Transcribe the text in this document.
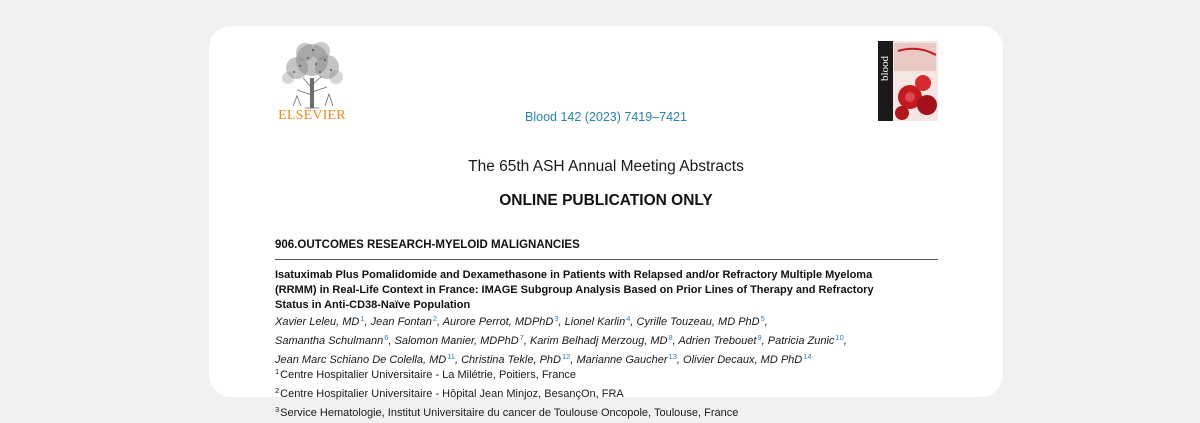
ELSEVIER
blood
Blood 142 (2023) 7419–7421
The 65th ASH Annual Meeting Abstracts
ONLINE PUBLICATION ONLY
906.OUTCOMES RESEARCH-MYELOID MALIGNANCIES
Isatuximab Plus Pomalidomide and Dexamethasone in Patients with Relapsed and/or Refractory Multiple Myeloma
(RRMM) in Real-Life Context in France: IMAGE Subgroup Analysis Based on Prior Lines of Therapy and Refractory
Status in Anti-CD38-Naïve Population
Xavier Leleu, $MD^1$, Jean Fontan$^2$, Aurore Perrot, MDPhD$^3$, Lionel Karlin$^4$, Cyrille Touzeau, MD PhD$^5$,
Samantha Schulmann$^6$, Salomon Manier, MDPhD$^7$, Karim Belhadj Merzoug, $MD^8$, Adrien Trebouet$^9$, Patricia Zunic$^{10}$,
Jean Marc Schiano De Colella, MD$^{11}$, Christina Tekle, PhD$^{12}$, Marianne Gaucher$^{13}$, Olivier Decaux, MD PhD$^{14}$
$^1$Centre Hospitalier Universitaire - La Milétrie, Poitiers, France
$^2$Centre Hospitalier Universitaire - Hôpital Jean Minjoz, BesançOn, FRA
$^3$Service Hematologie, Institut Universitaire du cancer de Toulouse Oncopole, Toulouse, France
